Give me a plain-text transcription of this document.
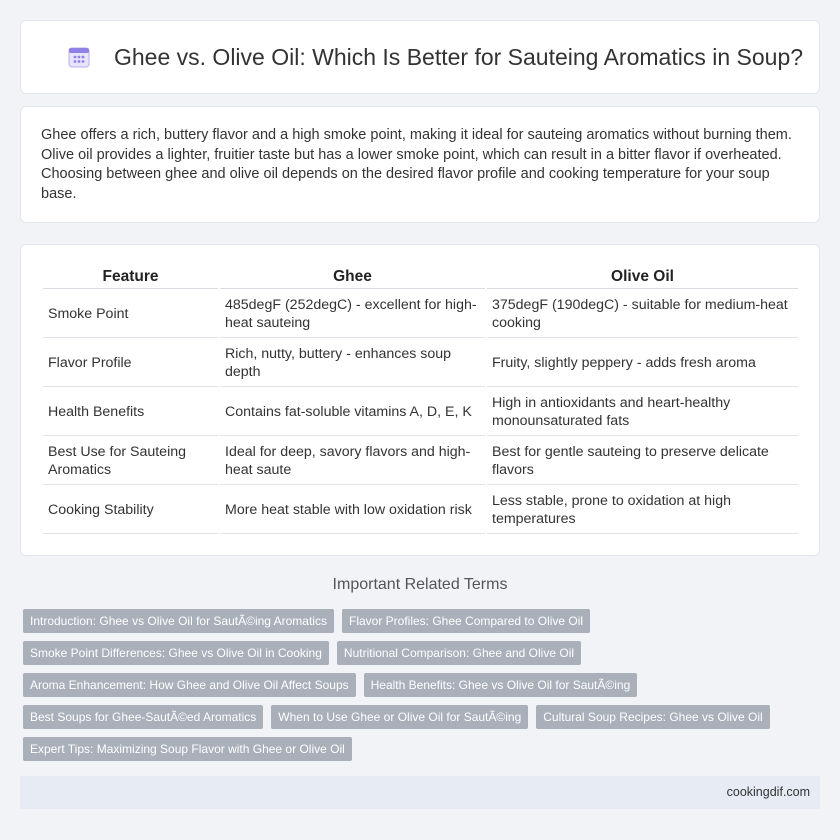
Ghee vs. Olive Oil: Which Is Better for Sauteing Aromatics in Soup?

Ghee offers a rich, buttery flavor and a high smoke point, making it ideal for sauteing aromatics without burning them. Olive oil provides a lighter, fruitier taste but has a lower smoke point, which can result in a bitter flavor if overheated. Choosing between ghee and olive oil depends on the desired flavor profile and cooking temperature for your soup base.

Feature	Ghee	Olive Oil
Smoke Point	485degF (252degC) - excellent for high-heat sauteing	375degF (190degC) - suitable for medium-heat cooking
Flavor Profile	Rich, nutty, buttery - enhances soup depth	Fruity, slightly peppery - adds fresh aroma
Health Benefits	Contains fat-soluble vitamins A, D, E, K	High in antioxidants and heart-healthy monounsaturated fats
Best Use for Sauteing Aromatics	Ideal for deep, savory flavors and high-heat saute	Best for gentle sauteing to preserve delicate flavors
Cooking Stability	More heat stable with low oxidation risk	Less stable, prone to oxidation at high temperatures
Important Related Terms
Introduction: Ghee vs Olive Oil for SautÃ©ing Aromatics	Flavor Profiles: Ghee Compared to Olive Oil
Smoke Point Differences: Ghee vs Olive Oil in Cooking	Nutritional Comparison: Ghee and Olive Oil
Aroma Enhancement: How Ghee and Olive Oil Affect Soups	Health Benefits: Ghee vs Olive Oil for SautÃ©ing
Best Soups for Ghee-SautÃ©ed Aromatics	When to Use Ghee or Olive Oil for SautÃ©ing	Cultural Soup Recipes: Ghee vs Olive Oil
Expert Tips: Maximizing Soup Flavor with Ghee or Olive Oil
cookingdif.com
